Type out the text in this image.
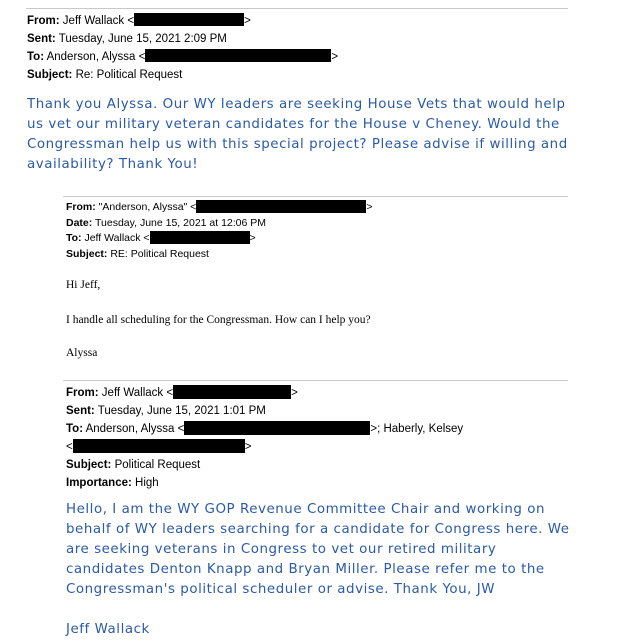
From: Jeff Wallack <	>
Sent: Tuesday, June 15, 2021 2:09 PM
To: Anderson, Alyssa <	>
Subject: Re: Political Request
Thank you Alyssa. Our WY leaders are seeking House Vets that would help us vet our military veteran candidates for the House v Cheney. Would the Congressman help us with this special project? Please advise if willing and availability? Thank You!
From: "Anderson, Alyssa" <	>
Date: Tuesday, June 15, 2021 at 12:06 PM
To: Jeff Wallack <	>
Subject: RE: Political Request
Hi Jeff,
I handle all scheduling for the Congressman. How can I help you?
Alyssa
From: Jeff Wallack <	>
Sent: Tuesday, June 15, 2021 1:01 PM
To: Anderson, Alyssa <	>; Haberly, Kelsey
<	>
Subject: Political Request
Importance: High
Hello, I am the WY GOP Revenue Committee Chair and working on behalf of WY leaders searching for a candidate for Congress here. We are seeking veterans in Congress to vet our retired military candidates Denton Knapp and Bryan Miller. Please refer me to the Congressman's political scheduler or advise. Thank You, JW
Jeff Wallack
